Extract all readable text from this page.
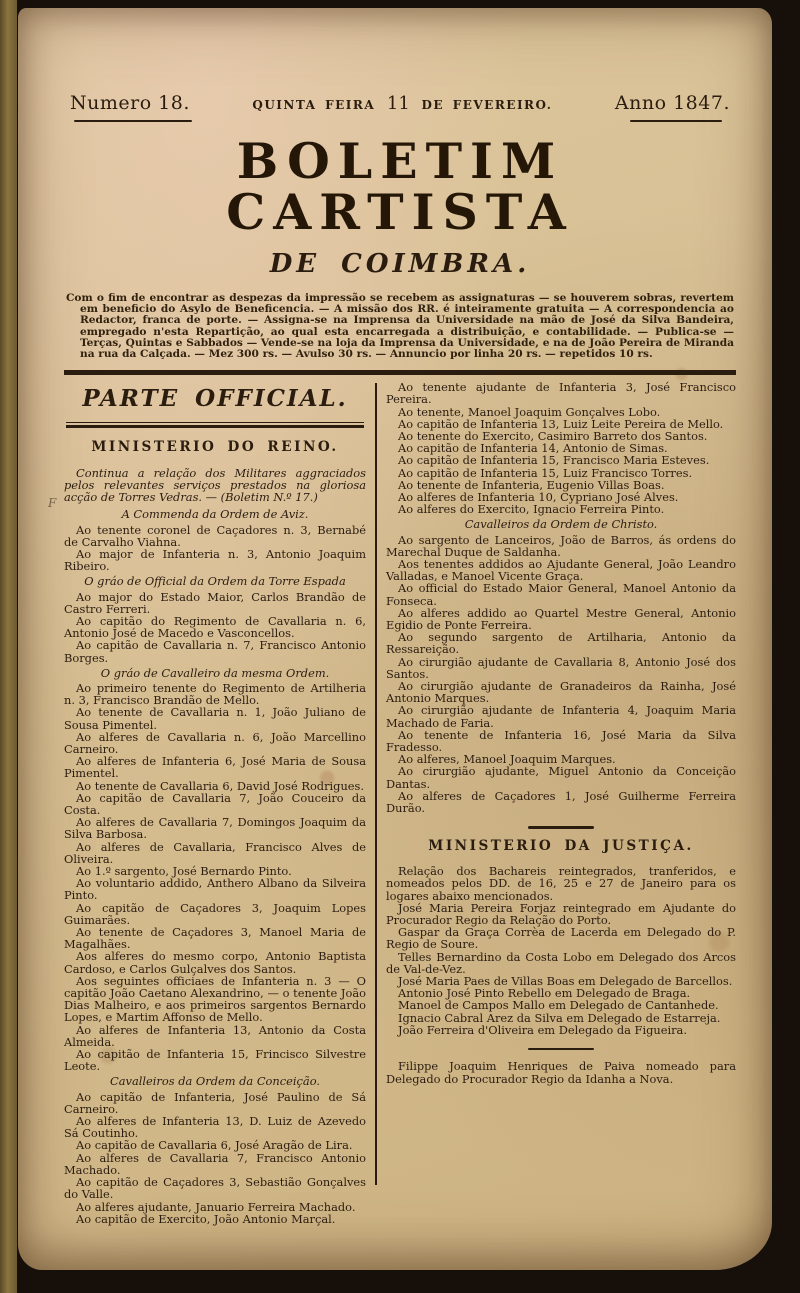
Numero 18.	QUINTA FEIRA 11 DE FEVEREIRO.	Anno 1847.
BOLETIM CARTISTA
DE COIMBRA.

Com o fim de encontrar as despezas da impressão se recebem as assignaturas — se houverem sobras, revertem em beneficio do Asylo de Beneficencia. — A missão dos RR. é inteiramente gratuita — A correspondencia ao Redactor, franca de porte. — Assigna-se na Imprensa da Universidade na mão de José da Silva Bandeira, empregado n'esta Repartição, ao qual esta encarregada a distribuição, e contabilidade. — Publica-se — Terças, Quintas e Sabbados — Vende-se na loja da Imprensa da Universidade, e na de João Pereira de Miranda na rua da Calçada. — Mez 300 rs. — Avulso 30 rs. — Annuncio por linha 20 rs. — repetidos 10 rs.

F
PARTE OFFICIAL.

MINISTERIO DO REINO.

Continua a relação dos Militares aggraciados pelos relevantes serviços prestados na gloriosa acção de Torres Vedras. — (Boletim N.º 17.)

A Commenda da Ordem de Aviz.

Ao tenente coronel de Caçadores n. 3, Bernabé de Carvalho Viahna.

Ao major de Infanteria n. 3, Antonio Joaquim Ribeiro.

O gráo de Official da Ordem da Torre Espada

Ao major do Estado Maior, Carlos Brandão de Castro Ferreri.

Ao capitão do Regimento de Cavallaria n. 6, Antonio José de Macedo e Vasconcellos.

Ao capitão de Cavallaria n. 7, Francisco Antonio Borges.

O gráo de Cavalleiro da mesma Ordem.

Ao primeiro tenente do Regimento de Artilheria n. 3, Francisco Brandão de Mello.

Ao tenente de Cavallaria n. 1, João Juliano de Sousa Pimentel.

Ao alferes de Cavallaria n. 6, João Marcellino Carneiro.

Ao alferes de Infanteria 6, José Maria de Sousa Pimentel.

Ao tenente de Cavallaria 6, David José Rodrigues.

Ao capitão de Cavallaria 7, João Couceiro da Costa.

Ao alferes de Cavallaria 7, Domingos Joaquim da Silva Barbosa.

Ao alferes de Cavallaria, Francisco Alves de Oliveira.

Ao 1.º sargento, José Bernardo Pinto.

Ao voluntario addido, Anthero Albano da Silveira Pinto.

Ao capitão de Caçadores 3, Joaquim Lopes Guimarães.

Ao tenente de Caçadores 3, Manoel Maria de Magalhães.

Aos alferes do mesmo corpo, Antonio Baptista Cardoso, e Carlos Gulçalves dos Santos.

Aos seguintes officiaes de Infanteria n. 3 — O capitão João Caetano Alexandrino, — o tenente João Dias Malheiro, e aos primeiros sargentos Bernardo Lopes, e Martim Affonso de Mello.

Ao alferes de Infanteria 13, Antonio da Costa Almeida.

Ao capitão de Infanteria 15, Frincisco Silvestre Leote.

Cavalleiros da Ordem da Conceição.

Ao capitão de Infanteria, José Paulino de Sá Carneiro.

Ao alferes de Infanteria 13, D. Luiz de Azevedo Sá Coutinho.

Ao capitão de Cavallaria 6, José Aragão de Lira.

Ao alferes de Cavallaria 7, Francisco Antonio Machado.

Ao capitão de Caçadores 3, Sebastião Gonçalves do Valle.

Ao alferes ajudante, Januario Ferreira Machado.

Ao capitão de Exercito, João Antonio Marçal.

Ao tenente ajudante de Infanteria 3, José Francisco Pereira.

Ao tenente, Manoel Joaquim Gonçalves Lobo.

Ao capitão de Infanteria 13, Luiz Leite Pereira de Mello.

Ao tenente do Exercito, Casimiro Barreto dos Santos.

Ao capitão de Infanteria 14, Antonio de Simas.

Ao capitão de Infanteria 15, Francisco Maria Esteves.

Ao capitão de Infanteria 15, Luiz Francisco Torres.

Ao tenente de Infanteria, Eugenio Villas Boas.

Ao alferes de Infanteria 10, Cypriano José Alves.

Ao alferes do Exercito, Ignacio Ferreira Pinto.

Cavalleiros da Ordem de Christo.

Ao sargento de Lanceiros, João de Barros, ás ordens do Marechal Duque de Saldanha.

Aos tenentes addidos ao Ajudante General, João Leandro Valladas, e Manoel Vicente Graça.

Ao official do Estado Maior General, Manoel Antonio da Fonseca.

Ao alferes addido ao Quartel Mestre General, Antonio Egidio de Ponte Ferreira.

Ao segundo sargento de Artilharia, Antonio da Ressareição.

Ao cirurgião ajudante de Cavallaria 8, Antonio José dos Santos.

Ao cirurgião ajudante de Granadeiros da Rainha, José Antonio Marques.

Ao cirurgião ajudante de Infanteria 4, Joaquim Maria Machado de Faria.

Ao tenente de Infanteria 16, José Maria da Silva Fradesso.

Ao alferes, Manoel Joaquim Marques.

Ao cirurgião ajudante, Miguel Antonio da Conceição Dantas.

Ao alferes de Caçadores 1, José Guilherme Ferreira Durão.

MINISTERIO DA JUSTIÇA.

Relação dos Bachareis reintegrados, tranferidos, e nomeados pelos DD. de 16, 25 e 27 de Janeiro para os logares abaixo mencionados.

José Maria Pereira Forjaz reintegrado em Ajudante do Procurador Regio da Relação do Porto.

Gaspar da Graça Corrèa de Lacerda em Delegado do P. Regio de Soure.

Telles Bernardino da Costa Lobo em Delegado dos Arcos de Val-de-Vez.

José Maria Paes de Villas Boas em Delegado de Barcellos.

Antonio José Pinto Rebello em Delegado de Braga.

Manoel de Campos Mallo em Delegado de Cantanhede.

Ignacio Cabral Arez da Silva em Delegado de Estarreja.

João Ferreira d'Oliveira em Delegado da Figueira.

Filippe Joaquim Henriques de Paiva nomeado para Delegado do Procurador Regio da Idanha a Nova.
